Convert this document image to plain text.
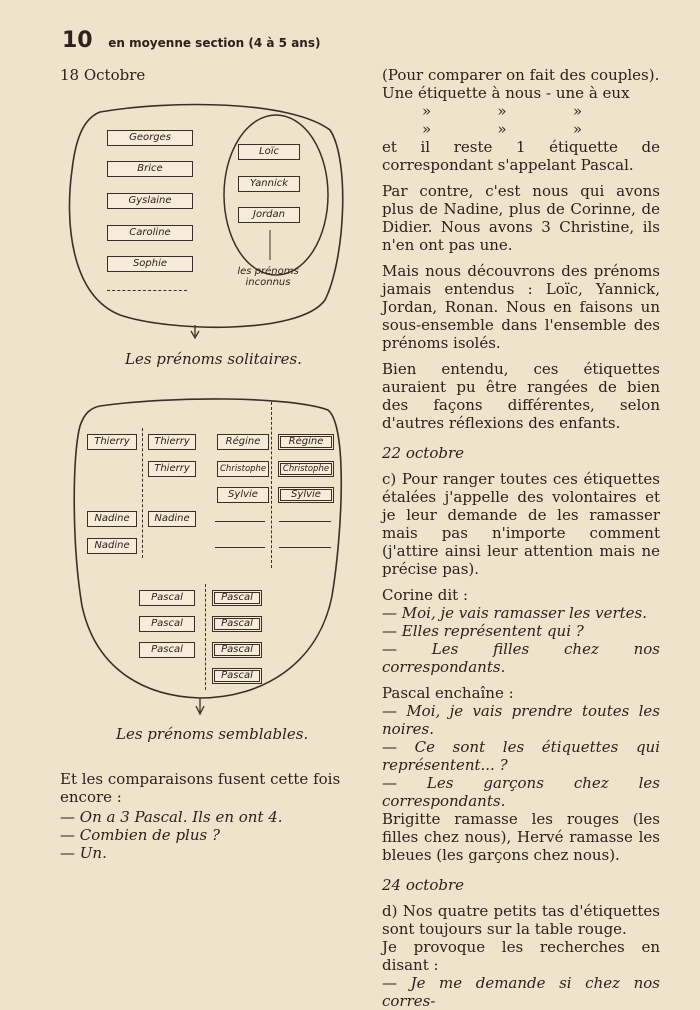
10 en moyenne section (4 à 5 ans)

18 Octobre

Georges
Brice
Gyslaine
Caroline
Sophie
Loïc
Yannick
Jordan
les prénoms
inconnus
Les prénoms solitaires.
Thierry
Nadine
Nadine
Thierry
Thierry
Nadine
Régine
Christophe
Sylvie
Régine
Christophe
Sylvie
Pascal
Pascal
Pascal
Pascal
Pascal
Pascal
Pascal
Les prénoms semblables.

Et les comparaisons fusent cette fois encore :

— On a 3 Pascal. Ils en ont 4.
— Combien de plus ?
— Un.
(Pour comparer on fait des couples).
Une étiquette à nous - une à eux
»	»	»
»	»	»

et il reste 1 étiquette de correspondant s'appelant Pascal.

Par contre, c'est nous qui avons plus de Nadine, plus de Corinne, de Didier. Nous avons 3 Christine, ils n'en ont pas une.

Mais nous découvrons des prénoms jamais entendus : Loïc, Yannick, Jordan, Ronan. Nous en faisons un sous-ensemble dans l'ensemble des prénoms isolés.

Bien entendu, ces étiquettes auraient pu être rangées de bien des façons différentes, selon d'autres réflexions des enfants.

22 octobre

c) Pour ranger toutes ces étiquettes étalées j'appelle des volontaires et je leur demande de les ramasser mais pas n'importe comment (j'attire ainsi leur attention mais ne précise pas).

Corine dit :
— Moi, je vais ramasser les vertes.
— Elles représentent qui ?
— Les filles chez nos correspondants.
Pascal enchaîne :
— Moi, je vais prendre toutes les noires.
— Ce sont les étiquettes qui représentent... ?
— Les garçons chez les correspondants.

Brigitte ramasse les rouges (les filles chez nous), Hervé ramasse les bleues (les garçons chez nous).

24 octobre

d) Nos quatre petits tas d'étiquettes sont toujours sur la table rouge.
Je provoque les recherches en disant :
— Je me demande si chez nos corres-
